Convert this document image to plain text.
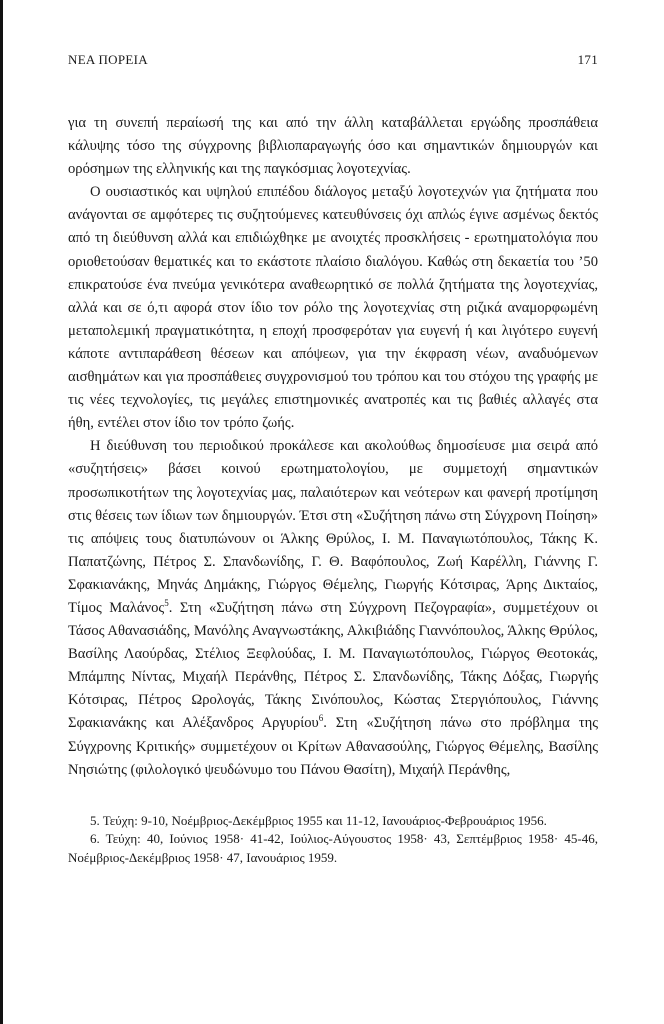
ΝΕΑ ΠΟΡΕΙΑ	171

για τη συνεπή περαίωσή της και από την άλλη καταβάλλεται εργώδης προσπάθεια κάλυψης τόσο της σύγχρονης βιβλιοπαραγωγής όσο και σημαντικών δημιουργών και ορόσημων της ελληνικής και της παγκόσμιας λογοτεχνίας.

Ο ουσιαστικός και υψηλού επιπέδου διάλογος μεταξύ λογοτεχνών για ζητήματα που ανάγονται σε αμφότερες τις συζητούμενες κατευθύνσεις όχι απλώς έγινε ασμένως δεκτός από τη διεύθυνση αλλά και επιδιώχθηκε με ανοιχτές προσκλήσεις - ερωτηματολόγια που οριοθετούσαν θεματικές και το εκάστοτε πλαίσιο διαλόγου. Καθώς στη δεκαετία του ’50 επικρατούσε ένα πνεύμα γενικότερα αναθεωρητικό σε πολλά ζητήματα της λογοτεχνίας, αλλά και σε ό,τι αφορά στον ίδιο τον ρόλο της λογοτεχνίας στη ριζικά αναμορφωμένη μεταπολεμική πραγματικότητα, η εποχή προσφερόταν για ευγενή ή και λιγότερο ευγενή κάποτε αντιπαράθεση θέσεων και απόψεων, για την έκφραση νέων, αναδυόμενων αισθημάτων και για προσπάθειες συγχρονισμού του τρόπου και του στόχου της γραφής με τις νέες τεχνολογίες, τις μεγάλες επιστημονικές ανατροπές και τις βαθιές αλλαγές στα ήθη, εντέλει στον ίδιο τον τρόπο ζωής.

Η διεύθυνση του περιοδικού προκάλεσε και ακολούθως δημοσίευσε μια σειρά από «συζητήσεις» βάσει κοινού ερωτηματολογίου, με συμμετοχή σημαντικών προσωπικοτήτων της λογοτεχνίας μας, παλαιότερων και νεότερων και φανερή προτίμηση στις θέσεις των ίδιων των δημιουργών. Έτσι στη «Συζήτηση πάνω στη Σύγχρονη Ποίηση» τις απόψεις τους διατυπώνουν οι Άλκης Θρύλος, Ι. Μ. Παναγιωτόπουλος, Τάκης Κ. Παπατζώνης, Πέτρος Σ. Σπανδωνίδης, Γ. Θ. Βαφόπουλος, Ζωή Καρέλλη, Γιάννης Γ. Σφακιανάκης, Μηνάς Δημάκης, Γιώργος Θέμελης, Γιωργής Κότσιρας, Άρης Δικταίος, Τίμος Μαλάνος$^5$. Στη «Συζήτηση πάνω στη Σύγχρονη Πεζογραφία», συμμετέχουν οι Τάσος Αθανασιάδης, Μανόλης Αναγνωστάκης, Αλκιβιάδης Γιαννόπουλος, Άλκης Θρύλος, Βασίλης Λαούρδας, Στέλιος Ξεφλούδας, Ι. Μ. Παναγιωτόπουλος, Γιώργος Θεοτοκάς, Μπάμπης Νίντας, Μιχαήλ Περάνθης, Πέτρος Σ. Σπανδωνίδης, Τάκης Δόξας, Γιωργής Κότσιρας, Πέτρος Ωρολογάς, Τάκης Σινόπουλος, Κώστας Στεργιόπουλος, Γιάννης Σφακιανάκης και Αλέξανδρος Αργυρίου$^6$. Στη «Συζήτηση πάνω στο πρόβλημα της Σύγχρονης Κριτικής» συμμετέχουν οι Κρίτων Αθανασούλης, Γιώργος Θέμελης, Βασίλης Νησιώτης (φιλολογικό ψευδώνυμο του Πάνου Θασίτη), Μιχαήλ Περάνθης,

5. Τεύχη: 9-10, Νοέμβριος-Δεκέμβριος 1955 και 11-12, Ιανουάριος-Φεβρουάριος 1956.

6. Τεύχη: 40, Ιούνιος 1958· 41-42, Ιούλιος-Αύγουστος 1958· 43, Σεπτέμβριος 1958· 45-46, Νοέμβριος-Δεκέμβριος 1958· 47, Ιανουάριος 1959.
